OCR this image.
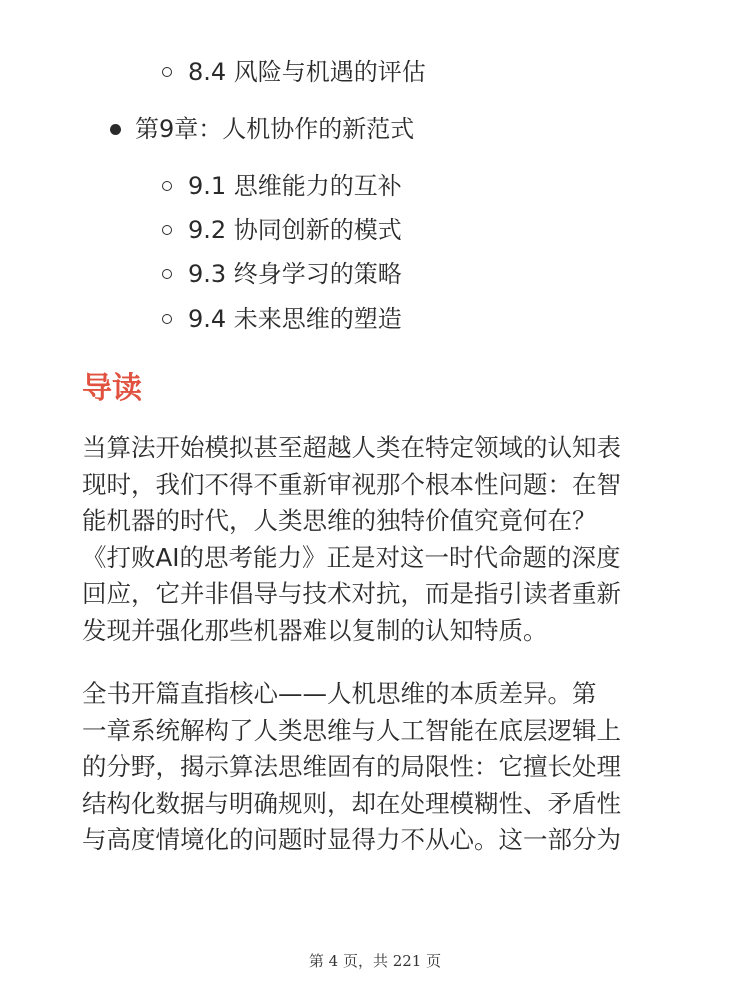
8.4 风险与机遇的评估
第9章：人机协作的新范式
9.1 思维能力的互补
9.2 协同创新的模式
9.3 终身学习的策略
9.4 未来思维的塑造
导读
当算法开始模拟甚至超越人类在特定领域的认知表
现时，我们不得不重新审视那个根本性问题：在智
能机器的时代，人类思维的独特价值究竟何在？
《打败AI的思考能力》正是对这一时代命题的深度
回应，它并非倡导与技术对抗，而是指引读者重新
发现并强化那些机器难以复制的认知特质。
全书开篇直指核心——人机思维的本质差异。第
一章系统解构了人类思维与人工智能在底层逻辑上
的分野，揭示算法思维固有的局限性：它擅长处理
结构化数据与明确规则，却在处理模糊性、矛盾性
与高度情境化的问题时显得力不从心。这一部分为
第 4 页，共 221 页
